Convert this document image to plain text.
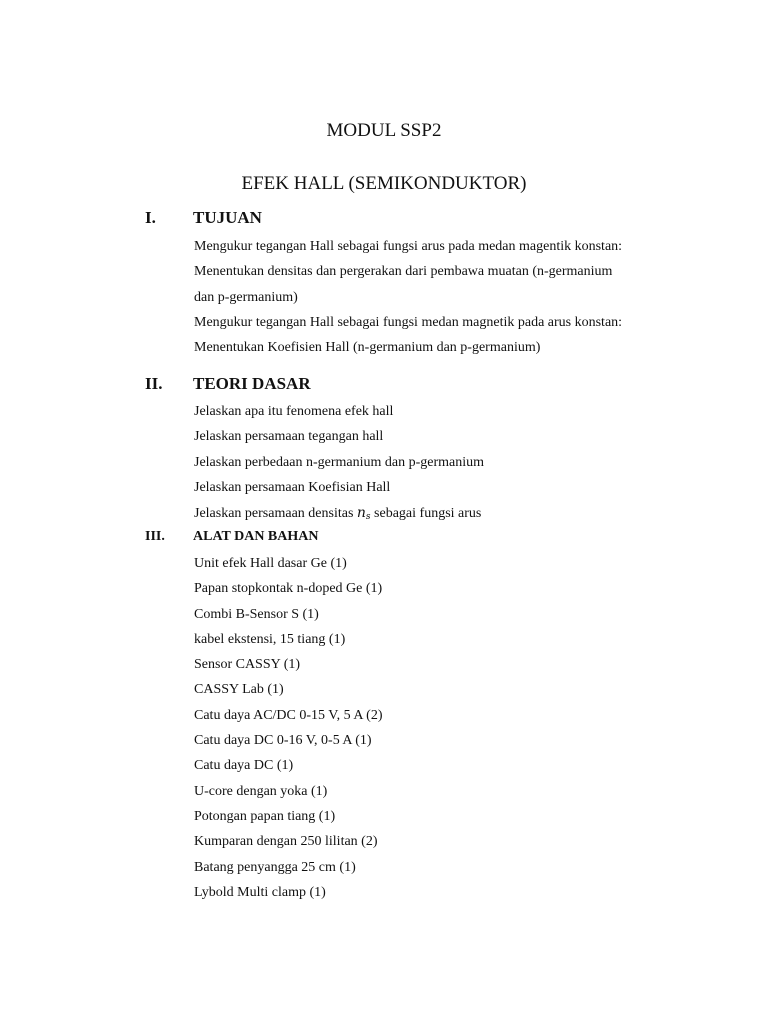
MODUL SSP2
EFEK HALL (SEMIKONDUKTOR)
I. TUJUAN
Mengukur tegangan Hall sebagai fungsi arus pada medan magentik konstan:
Menentukan densitas dan pergerakan dari pembawa muatan (n-germanium
dan p-germanium)
Mengukur tegangan Hall sebagai fungsi medan magnetik pada arus konstan:
Menentukan Koefisien Hall (n-germanium dan p-germanium)
II. TEORI DASAR
Jelaskan apa itu fenomena efek hall
Jelaskan persamaan tegangan hall
Jelaskan perbedaan n-germanium dan p-germanium
Jelaskan persamaan Koefisian Hall
Jelaskan persamaan densitas $n_s$ sebagai fungsi arus
III. ALAT DAN BAHAN
Unit efek Hall dasar Ge (1)
Papan stopkontak n-doped Ge (1)
Combi B-Sensor S (1)
kabel ekstensi, 15 tiang (1)
Sensor CASSY (1)
CASSY Lab (1)
Catu daya AC/DC 0-15 V, 5 A (2)
Catu daya DC 0-16 V, 0-5 A (1)
Catu daya DC (1)
U-core dengan yoka (1)
Potongan papan tiang (1)
Kumparan dengan 250 lilitan (2)
Batang penyangga 25 cm (1)
Lybold Multi clamp (1)
